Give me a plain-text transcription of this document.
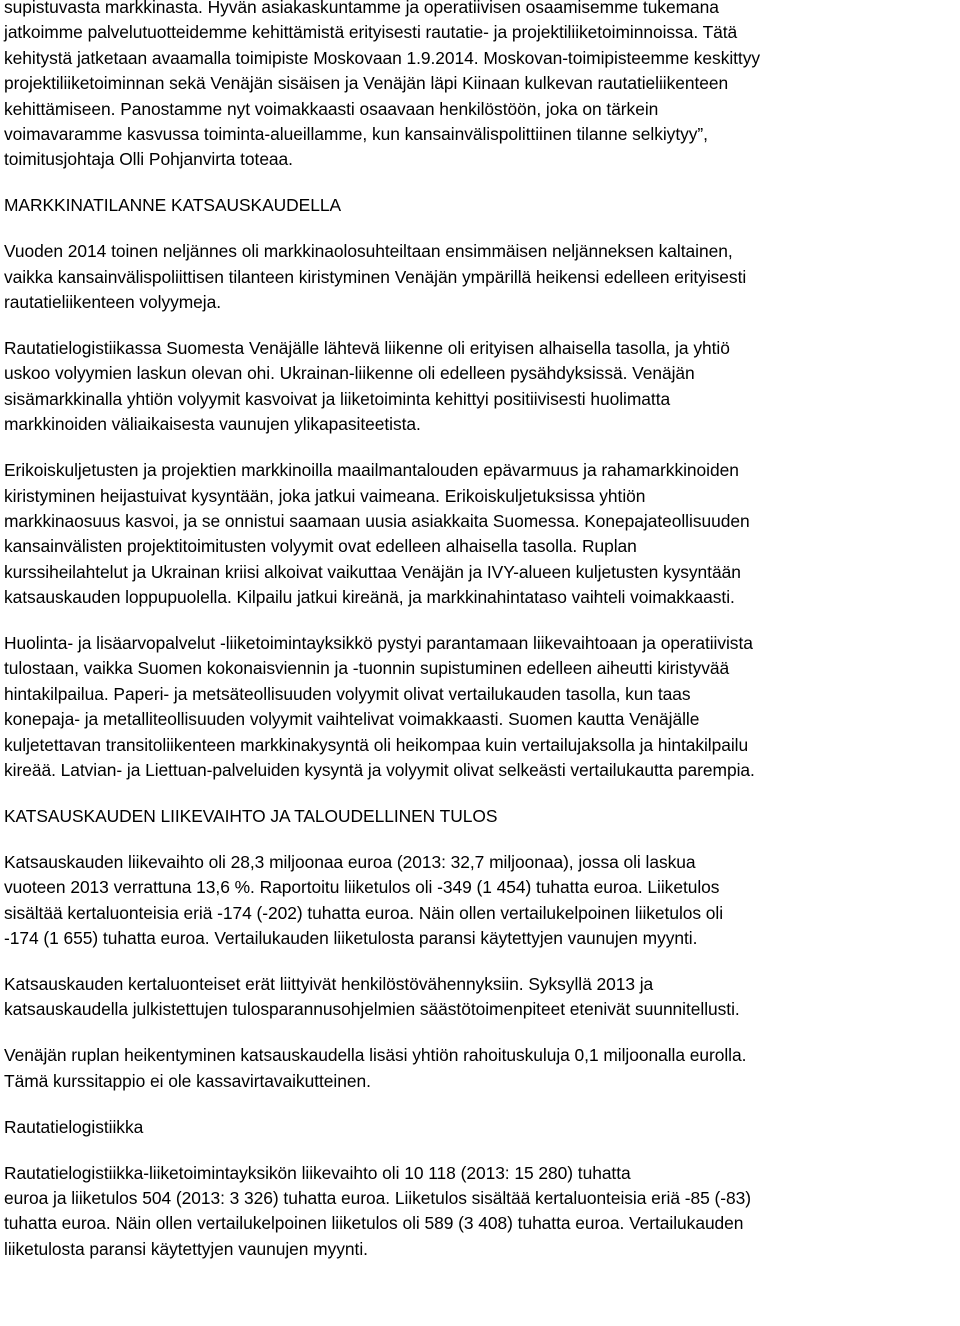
supistuvasta markkinasta. Hyvän asiakaskuntamme ja operatiivisen osaamisemme tukemana
jatkoimme palvelutuotteidemme kehittämistä erityisesti rautatie- ja projektiliiketoiminnoissa. Tätä
kehitystä jatketaan avaamalla toimipiste Moskovaan 1.9.2014. Moskovan-toimipisteemme keskittyy
projektiliiketoiminnan sekä Venäjän sisäisen ja Venäjän läpi Kiinaan kulkevan rautatieliikenteen
kehittämiseen. Panostamme nyt voimakkaasti osaavaan henkilöstöön, joka on tärkein
voimavaramme kasvussa toiminta-alueillamme, kun kansainvälispolittiinen tilanne selkiytyy”,
toimitusjohtaja Olli Pohjanvirta toteaa.

MARKKINATILANNE KATSAUSKAUDELLA

Vuoden 2014 toinen neljännes oli markkinaolosuhteiltaan ensimmäisen neljänneksen kaltainen,
vaikka kansainvälispoliittisen tilanteen kiristyminen Venäjän ympärillä heikensi edelleen erityisesti
rautatieliikenteen volyymeja.

Rautatielogistiikassa Suomesta Venäjälle lähtevä liikenne oli erityisen alhaisella tasolla, ja yhtiö
uskoo volyymien laskun olevan ohi. Ukrainan-liikenne oli edelleen pysähdyksissä. Venäjän
sisämarkkinalla yhtiön volyymit kasvoivat ja liiketoiminta kehittyi positiivisesti huolimatta
markkinoiden väliaikaisesta vaunujen ylikapasiteetista.

Erikoiskuljetusten ja projektien markkinoilla maailmantalouden epävarmuus ja rahamarkkinoiden
kiristyminen heijastuivat kysyntään, joka jatkui vaimeana. Erikoiskuljetuksissa yhtiön
markkinaosuus kasvoi, ja se onnistui saamaan uusia asiakkaita Suomessa. Konepajateollisuuden
kansainvälisten projektitoimitusten volyymit ovat edelleen alhaisella tasolla. Ruplan
kurssiheilahtelut ja Ukrainan kriisi alkoivat vaikuttaa Venäjän ja IVY-alueen kuljetusten kysyntään
katsauskauden loppupuolella. Kilpailu jatkui kireänä, ja markkinahintataso vaihteli voimakkaasti.

Huolinta- ja lisäarvopalvelut -liiketoimintayksikkö pystyi parantamaan liikevaihtoaan ja operatiivista
tulostaan, vaikka Suomen kokonaisviennin ja -tuonnin supistuminen edelleen aiheutti kiristyvää
hintakilpailua. Paperi- ja metsäteollisuuden volyymit olivat vertailukauden tasolla, kun taas
konepaja- ja metalliteollisuuden volyymit vaihtelivat voimakkaasti. Suomen kautta Venäjälle
kuljetettavan transitoliikenteen markkinakysyntä oli heikompaa kuin vertailujaksolla ja hintakilpailu
kireää. Latvian- ja Liettuan-palveluiden kysyntä ja volyymit olivat selkeästi vertailukautta parempia.

KATSAUSKAUDEN LIIKEVAIHTO JA TALOUDELLINEN TULOS

Katsauskauden liikevaihto oli 28,3 miljoonaa euroa (2013: 32,7 miljoonaa), jossa oli laskua
vuoteen 2013 verrattuna 13,6 %. Raportoitu liiketulos oli -349 (1 454) tuhatta euroa. Liiketulos
sisältää kertaluonteisia eriä -174 (-202) tuhatta euroa. Näin ollen vertailukelpoinen liiketulos oli
-174 (1 655) tuhatta euroa. Vertailukauden liiketulosta paransi käytettyjen vaunujen myynti.

Katsauskauden kertaluonteiset erät liittyivät henkilöstövähennyksiin. Syksyllä 2013 ja
katsauskaudella julkistettujen tulosparannusohjelmien säästötoimenpiteet etenivät suunnitellusti.

Venäjän ruplan heikentyminen katsauskaudella lisäsi yhtiön rahoituskuluja 0,1 miljoonalla eurolla.
Tämä kurssitappio ei ole kassavirtavaikutteinen.

Rautatielogistiikka

Rautatielogistiikka-liiketoimintayksikön liikevaihto oli 10 118 (2013: 15 280) tuhatta
euroa ja liiketulos 504 (2013: 3 326) tuhatta euroa. Liiketulos sisältää kertaluonteisia eriä -85 (-83)
tuhatta euroa. Näin ollen vertailukelpoinen liiketulos oli 589 (3 408) tuhatta euroa. Vertailukauden
liiketulosta paransi käytettyjen vaunujen myynti.
